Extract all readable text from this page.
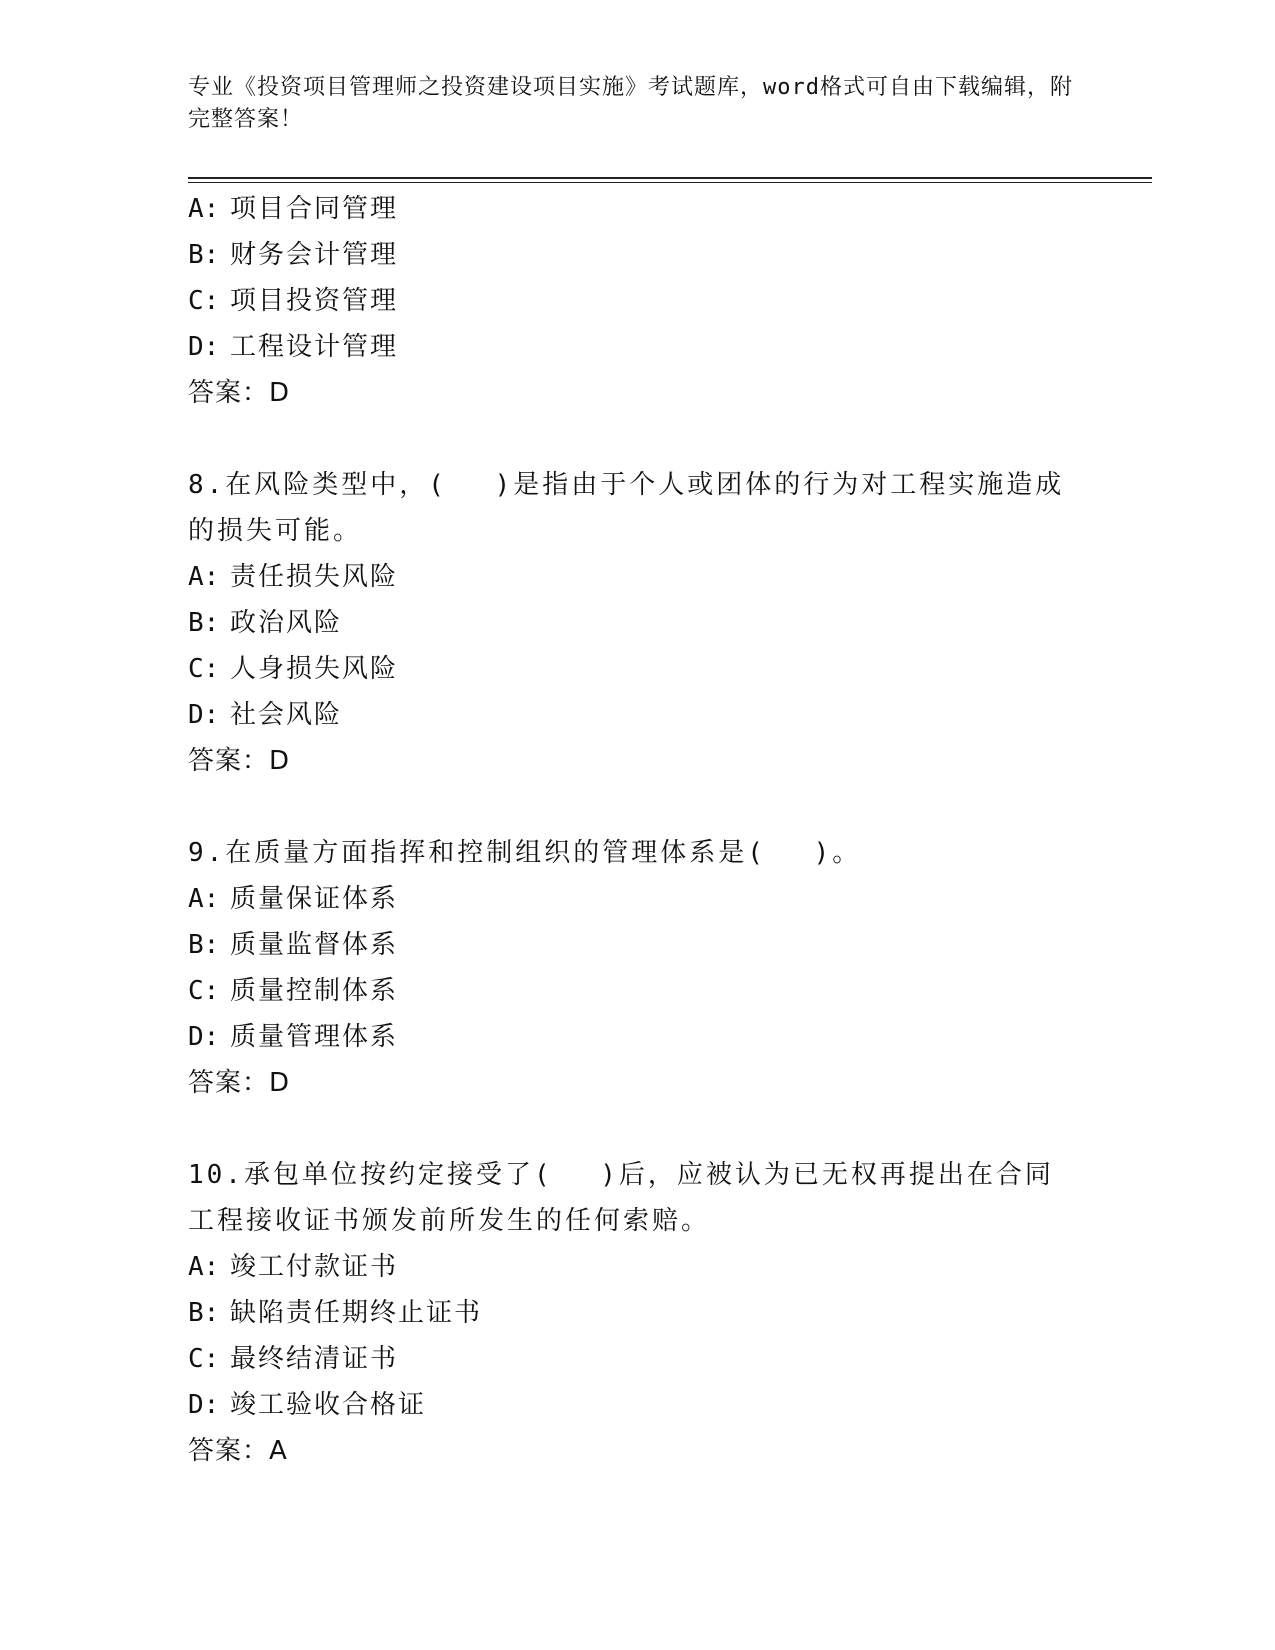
专业《投资项目管理师之投资建设项目实施》考试题库，word格式可自由下载编辑，附完整答案！
A: 项目合同管理
B: 财务会计管理
C: 项目投资管理
D: 工程设计管理
答案：D
8.在风险类型中，(　 )是指由于个人或团体的行为对工程实施造成的损失可能。
A: 责任损失风险
B: 政治风险
C: 人身损失风险
D: 社会风险
答案：D
9.在质量方面指挥和控制组织的管理体系是(　 )。
A: 质量保证体系
B: 质量监督体系
C: 质量控制体系
D: 质量管理体系
答案：D
10.承包单位按约定接受了(　 )后，应被认为已无权再提出在合同工程接收证书颁发前所发生的任何索赔。
A: 竣工付款证书
B: 缺陷责任期终止证书
C: 最终结清证书
D: 竣工验收合格证
答案：A
